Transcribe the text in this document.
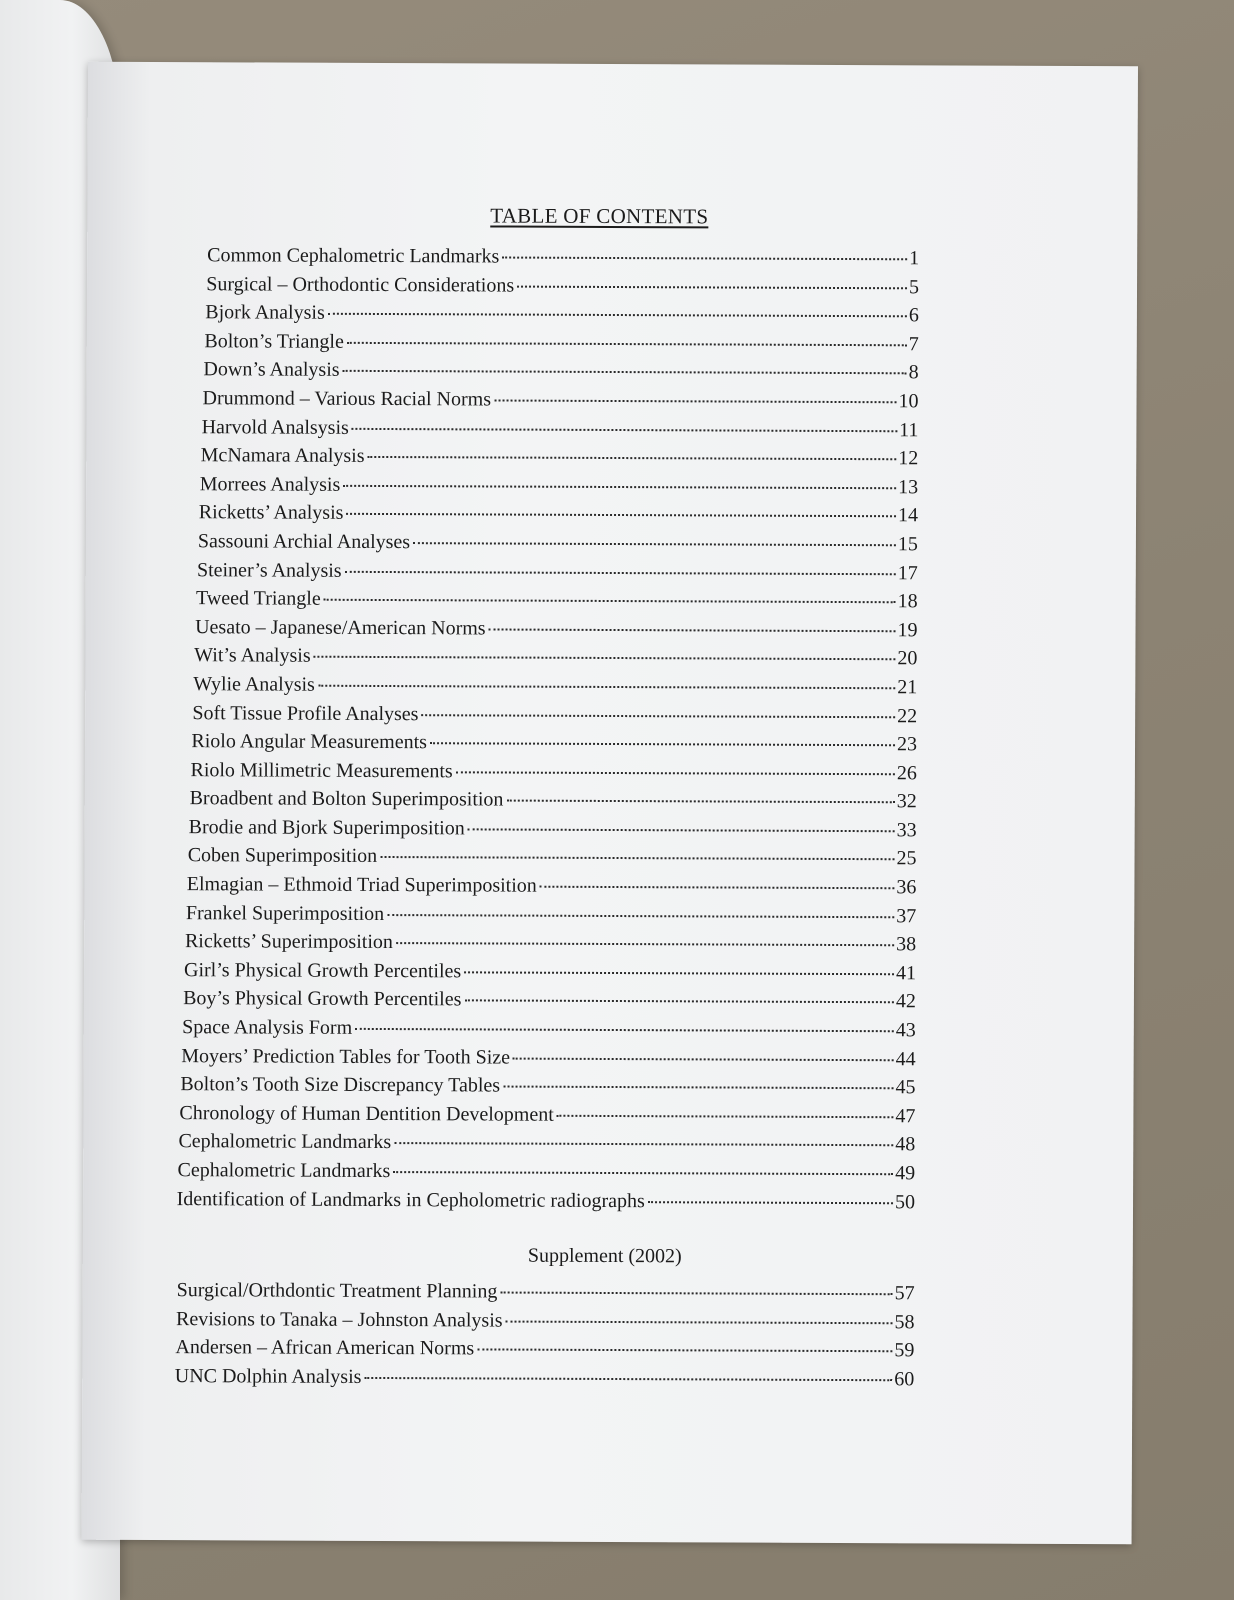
TABLE OF CONTENTS
Common Cephalometric Landmarks	1
Surgical – Orthodontic Considerations	5
Bjork Analysis	6
Bolton’s Triangle	7
Down’s Analysis	8
Drummond – Various Racial Norms	10
Harvold Analsysis	11
McNamara Analysis	12
Morrees Analysis	13
Ricketts’ Analysis	14
Sassouni Archial Analyses	15
Steiner’s Analysis	17
Tweed Triangle	18
Uesato – Japanese/American Norms	19
Wit’s Analysis	20
Wylie Analysis	21
Soft Tissue Profile Analyses	22
Riolo Angular Measurements	23
Riolo Millimetric Measurements	26
Broadbent and Bolton Superimposition	32
Brodie and Bjork Superimposition	33
Coben Superimposition	25
Elmagian – Ethmoid Triad Superimposition	36
Frankel Superimposition	37
Ricketts’ Superimposition	38
Girl’s Physical Growth Percentiles	41
Boy’s Physical Growth Percentiles	42
Space Analysis Form	43
Moyers’ Prediction Tables for Tooth Size	44
Bolton’s Tooth Size Discrepancy Tables	45
Chronology of Human Dentition Development	47
Cephalometric Landmarks	48
Cephalometric Landmarks	49
Identification of Landmarks in Cepholometric radiographs	50
Supplement (2002)
Surgical/Orthdontic Treatment Planning	57
Revisions to Tanaka – Johnston Analysis	58
Andersen – African American Norms	59
UNC Dolphin Analysis	60
